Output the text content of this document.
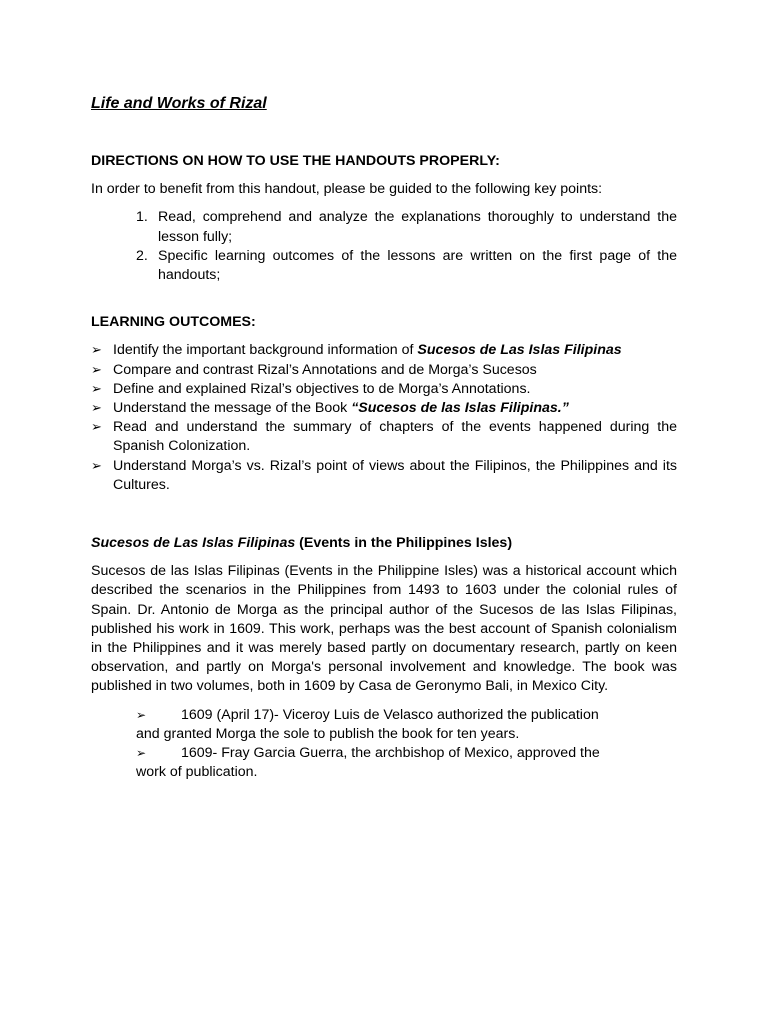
Life and Works of Rizal

DIRECTIONS ON HOW TO USE THE HANDOUTS PROPERLY:

In order to benefit from this handout, please be guided to the following key points:

1. Read, comprehend and analyze the explanations thoroughly to understand the lesson fully;
2. Specific learning outcomes of the lessons are written on the first page of the handouts;

LEARNING OUTCOMES:

➢ Identify the important background information of Sucesos de Las Islas Filipinas
➢ Compare and contrast Rizal’s Annotations and de Morga’s Sucesos
➢ Define and explained Rizal’s objectives to de Morga’s Annotations.
➢ Understand the message of the Book “Sucesos de las Islas Filipinas.”
➢ Read and understand the summary of chapters of the events happened during the Spanish Colonization.
➢ Understand Morga’s vs. Rizal’s point of views about the Filipinos, the Philippines and its Cultures.

Sucesos de Las Islas Filipinas (Events in the Philippines Isles)

Sucesos de las Islas Filipinas (Events in the Philippine Isles) was a historical account which described the scenarios in the Philippines from 1493 to 1603 under the colonial rules of Spain. Dr. Antonio de Morga as the principal author of the Sucesos de las Islas Filipinas, published his work in 1609. This work, perhaps was the best account of Spanish colonialism in the Philippines and it was merely based partly on documentary research, partly on keen observation, and partly on Morga's personal involvement and knowledge. The book was published in two volumes, both in 1609 by Casa de Geronymo Bali, in Mexico City.

➢ 1609 (April 17)- Viceroy Luis de Velasco authorized the publication
and granted Morga the sole to publish the book for ten years.
➢ 1609- Fray Garcia Guerra, the archbishop of Mexico, approved the
work of publication.
